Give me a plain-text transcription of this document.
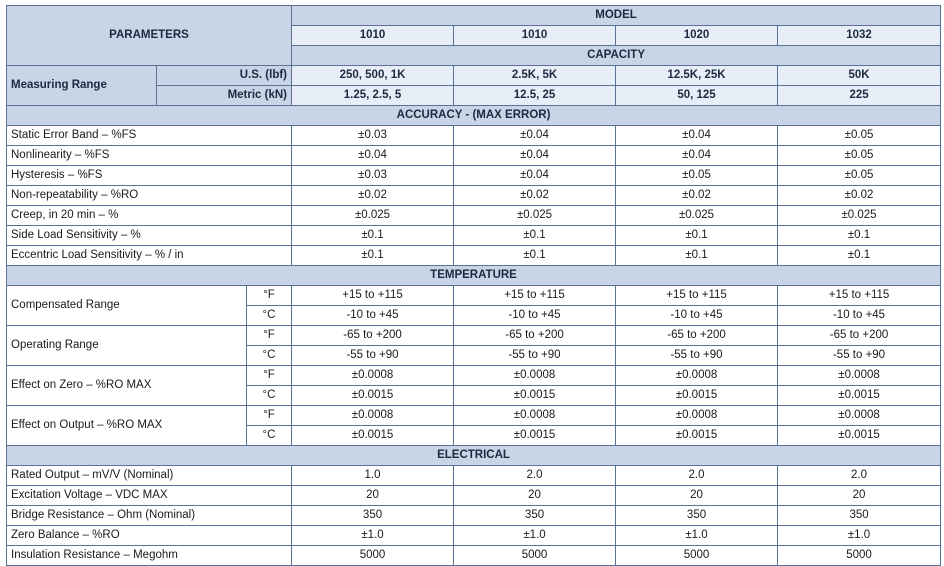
PARAMETERS			MODEL			
			1010	1010	1020	1032
			CAPACITY			
Measuring Range	U.S. (lbf)		250, 500, 1K	2.5K, 5K	12.5K, 25K	50K
	Metric (kN)		1.25, 2.5, 5	12.5, 25	50, 125	225
ACCURACY - (MAX ERROR)						
Static Error Band – %FS			±0.03	±0.04	±0.04	±0.05
Nonlinearity – %FS			±0.04	±0.04	±0.04	±0.05
Hysteresis – %FS			±0.03	±0.04	±0.05	±0.05
Non-repeatability – %RO			±0.02	±0.02	±0.02	±0.02
Creep, in 20 min – %			±0.025	±0.025	±0.025	±0.025
Side Load Sensitivity – %			±0.1	±0.1	±0.1	±0.1
Eccentric Load Sensitivity – % / in			±0.1	±0.1	±0.1	±0.1
TEMPERATURE						
Compensated Range		°F	+15 to +115	+15 to +115	+15 to +115	+15 to +115
		°C	-10 to +45	-10 to +45	-10 to +45	-10 to +45
Operating Range		°F	-65 to +200	-65 to +200	-65 to +200	-65 to +200
		°C	-55 to +90	-55 to +90	-55 to +90	-55 to +90
Effect on Zero – %RO MAX		°F	±0.0008	±0.0008	±0.0008	±0.0008
		°C	±0.0015	±0.0015	±0.0015	±0.0015
Effect on Output – %RO MAX		°F	±0.0008	±0.0008	±0.0008	±0.0008
		°C	±0.0015	±0.0015	±0.0015	±0.0015
ELECTRICAL						
Rated Output – mV/V (Nominal)			1.0	2.0	2.0	2.0
Excitation Voltage – VDC MAX			20	20	20	20
Bridge Resistance – Ohm (Nominal)			350	350	350	350
Zero Balance – %RO			±1.0	±1.0	±1.0	±1.0
Insulation Resistance – Megohm			5000	5000	5000	5000
